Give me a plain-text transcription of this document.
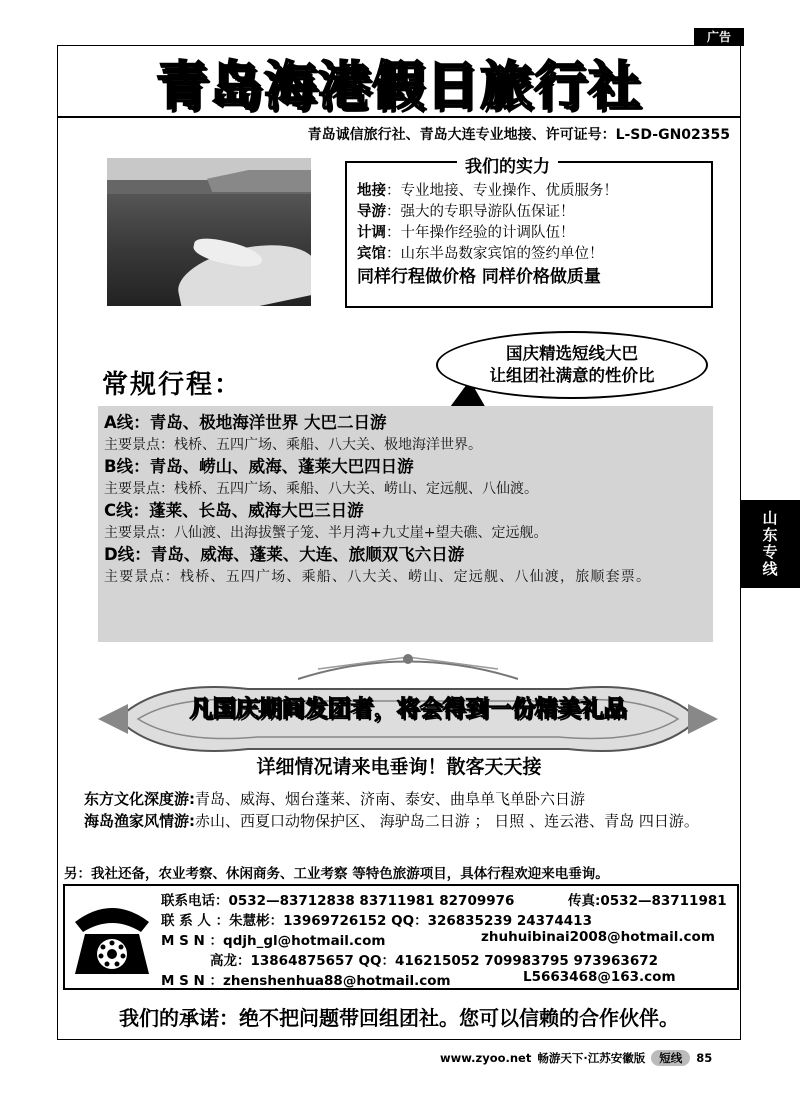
广告
山东专线
青岛海港假日旅行社
青岛诚信旅行社、青岛大连专业地接、许可证号：L-SD-GN02355
我们的实力
地接：专业地接、专业操作、优质服务！
导游：强大的专职导游队伍保证！
计调：十年操作经验的计调队伍！
宾馆：山东半岛数家宾馆的签约单位！
同样行程做价格 同样价格做质量
国庆精选短线大巴
让组团社满意的性价比
常规行程：
A线：青岛、极地海洋世界 大巴二日游
主要景点：栈桥、五四广场、乘船、八大关、极地海洋世界。
B线：青岛、崂山、威海、蓬莱大巴四日游
主要景点：栈桥、五四广场、乘船、八大关、崂山、定远舰、八仙渡。
C线：蓬莱、长岛、威海大巴三日游
主要景点：八仙渡、出海拔蟹子笼、半月湾+九丈崖+望夫礁、定远舰。
D线：青岛、威海、蓬莱、大连、旅顺双飞六日游
主要景点：栈桥、五四广场、乘船、八大关、崂山、定远舰、八仙渡，旅顺套票。
凡国庆期间发团者，将会得到一份精美礼品
详细情况请来电垂询！散客天天接
东方文化深度游:青岛、威海、烟台蓬莱、济南、泰安、曲阜单飞单卧六日游
海岛渔家风情游:赤山、西夏口动物保护区、 海驴岛二日游 ； 日照 、连云港、青岛 四日游。
另：我社还备，农业考察、休闲商务、工业考察 等特色旅游项目，具体行程欢迎来电垂询。
联系电话：0532—83712838 83711981 82709976	传真:0532—83711981
联 系 人 ：朱慧彬：13969726152 QQ：326835239 24374413
M S N ：qdjh_gl@hotmail.com	zhuhuibinai2008@hotmail.com
高龙：13864875657 QQ：416215052 709983795 973963672
M S N ：zhenshenhua88@hotmail.com	L5663468@163.com
我们的承诺：绝不把问题带回组团社。您可以信赖的合作伙伴。
www.zyoo.net 畅游天下·江苏安徽版	短线	85
